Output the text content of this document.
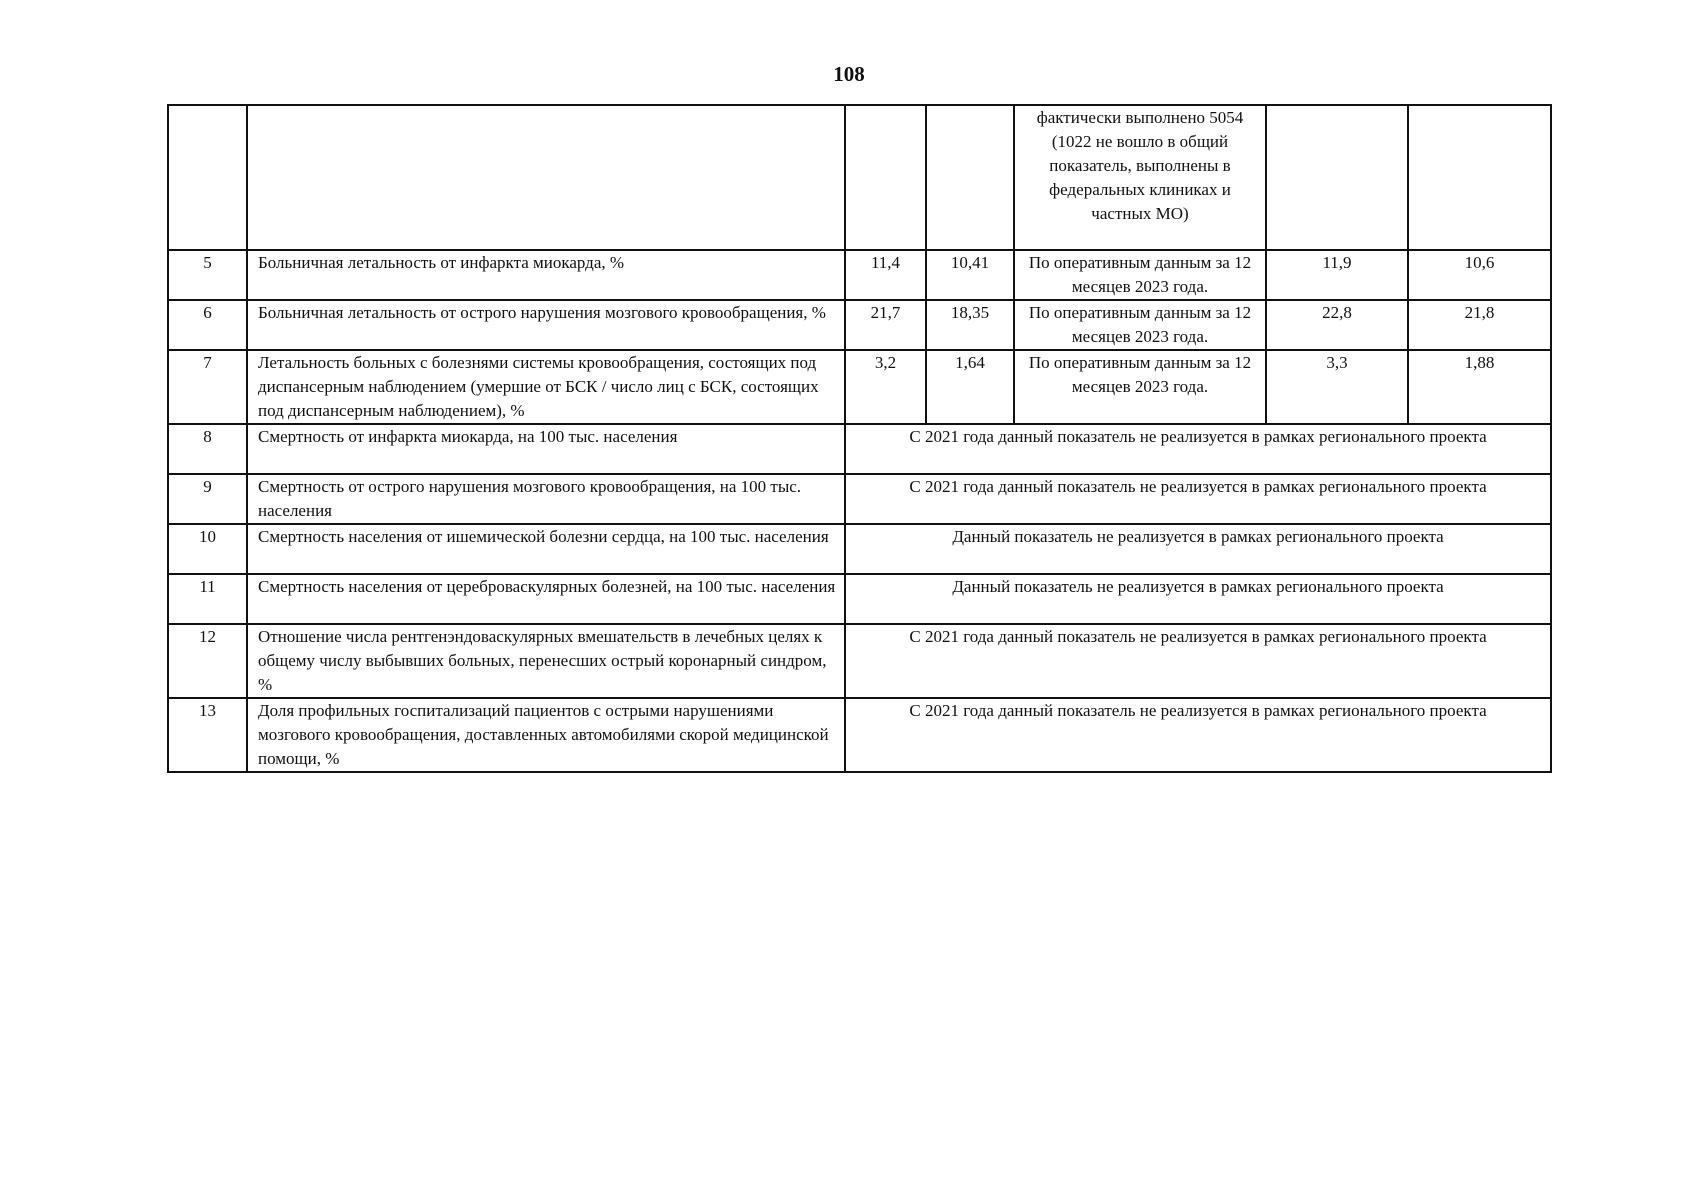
108
				фактически выполнено 5054 (1022 не вошло в общий показатель, выполнены в федеральных клиниках и частных МО)		
5	Больничная летальность от инфаркта миокарда, %	11,4	10,41	По оперативным данным за 12 месяцев 2023 года.	11,9	10,6
6	Больничная летальность от острого нарушения мозгового кровообращения, %	21,7	18,35	По оперативным данным за 12 месяцев 2023 года.	22,8	21,8
7	Летальность больных с болезнями системы кровообращения, состоящих под диспансерным наблюдением (умершие от БСК / число лиц с БСК, состоящих под диспансерным наблюдением), %	3,2	1,64	По оперативным данным за 12 месяцев 2023 года.	3,3	1,88
8	Смертность от инфаркта миокарда, на 100 тыс. населения	С 2021 года данный показатель не реализуется в рамках регионального проекта				
9	Смертность от острого нарушения мозгового кровообращения, на 100 тыс. населения	С 2021 года данный показатель не реализуется в рамках регионального проекта				
10	Смертность населения от ишемической болезни сердца, на 100 тыс. населения	Данный показатель не реализуется в рамках регионального проекта				
11	Смертность населения от цереброваскулярных болезней, на 100 тыс. населения	Данный показатель не реализуется в рамках регионального проекта				
12	Отношение числа рентгенэндоваскулярных вмешательств в лечебных целях к общему числу выбывших больных, перенесших острый коронарный синдром, %	С 2021 года данный показатель не реализуется в рамках регионального проекта				
13	Доля профильных госпитализаций пациентов с острыми нарушениями мозгового кровообращения, доставленных автомобилями скорой медицинской помощи, %	С 2021 года данный показатель не реализуется в рамках регионального проекта				
